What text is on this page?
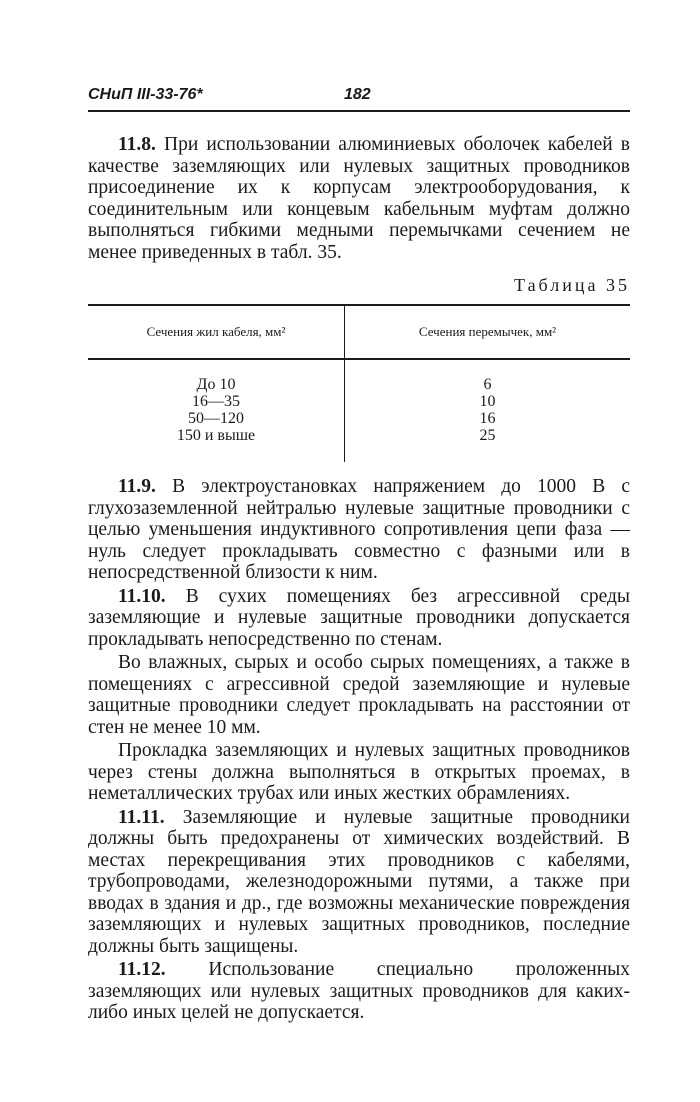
СНиП III-33-76*	182

11.8. При использовании алюминиевых оболочек кабелей в качестве заземляющих или нулевых защитных проводников присоединение их к корпусам электрооборудования, к соединительным или концевым кабельным муфтам должно выполняться гибкими медными перемычками сечением не менее приведенных в табл. 35.

Таблица 35
Сечения жил кабеля, мм²	Сечения перемычек, мм²
До 10	6
16—35	10
50—120	16
150 и выше	25

11.9. В электроустановках напряжением до 1000 В с глухозаземленной нейтралью нулевые защитные проводники с целью уменьшения индуктивного сопротивления цепи фаза — нуль следует прокладывать совместно с фазными или в непосредственной близости к ним.

11.10. В сухих помещениях без агрессивной среды заземляющие и нулевые защитные проводники допускается прокладывать непосредственно по стенам.

Во влажных, сырых и особо сырых помещениях, а также в помещениях с агрессивной средой заземляющие и нулевые защитные проводники следует прокладывать на расстоянии от стен не менее 10 мм.

Прокладка заземляющих и нулевых защитных проводников через стены должна выполняться в открытых проемах, в неметаллических трубах или иных жестких обрамлениях.

11.11. Заземляющие и нулевые защитные проводники должны быть предохранены от химических воздействий. В местах перекрещивания этих проводников с кабелями, трубопроводами, железнодорожными путями, а также при вводах в здания и др., где возможны механические повреждения заземляющих и нулевых защитных проводников, последние должны быть защищены.

11.12. Использование специально проложенных заземляющих или нулевых защитных проводников для каких-либо иных целей не допускается.
